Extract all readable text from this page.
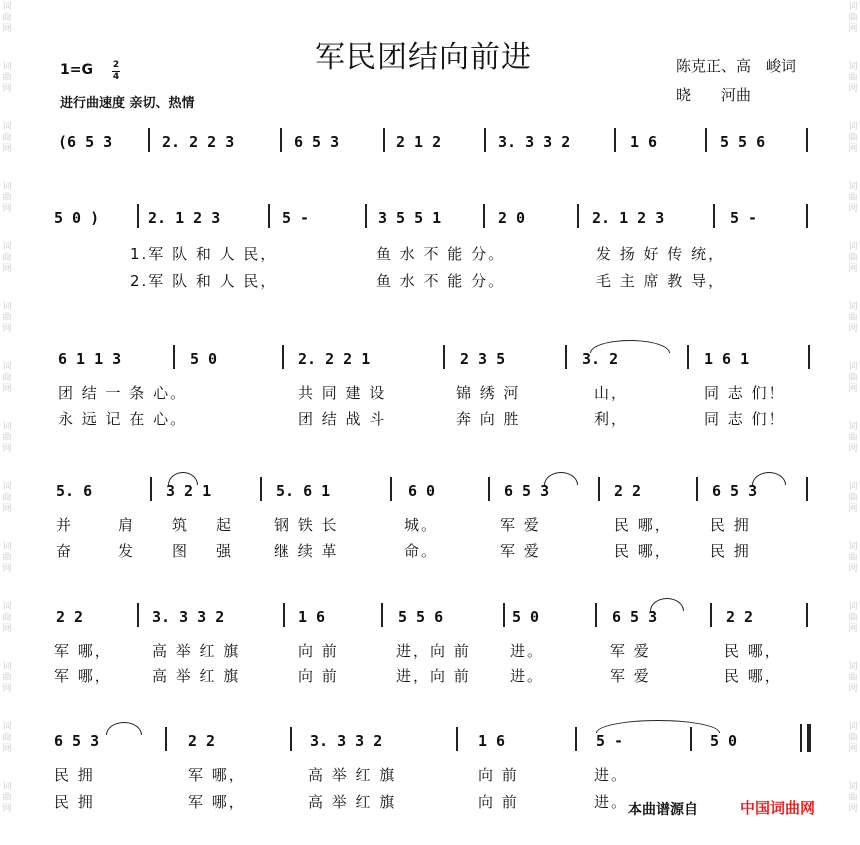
词曲网
词曲网
词曲网
词曲网
词曲网
词曲网
词曲网
词曲网
词曲网
词曲网
词曲网
词曲网
词曲网
词曲网
词曲网
词曲网
词曲网
词曲网
词曲网
词曲网
词曲网
词曲网
词曲网
词曲网
词曲网
词曲网
词曲网
词曲网
军民团结向前进
1=G 2
4
进行曲速度 亲切、热情
陈克正、高　峻词
晓　　河曲
(6 5 3	2. 2 2 3	6 5 3	2 1 2	3. 3 3 2	1 6	5 5 6
5 0 )	2. 1 2 3	5 -	3 5 5 1	2 0	2. 1 2 3	5 -
1.军 队 和 人 民，	鱼 水 不 能 分。	发 扬 好 传 统，
2.军 队 和 人 民，	鱼 水 不 能 分。	毛 主 席 教 导，
6 1 1 3	5 0	2. 2 2 1	2 3 5	3. 2	1 6 1
团 结 一 条 心。	共 同 建 设	锦 绣 河	山，	同 志 们！
永 远 记 在 心。	团 结 战 斗	奔 向 胜	利，	同 志 们！
5. 6	3 2 1	5. 6 1	6 0	6 5 3	2 2	6 5 3
并	肩 筑 起	钢 铁 长	城。	军 爱	民 哪，	民 拥
奋	发 图 强	继 续 革	命。	军 爱	民 哪，	民 拥
2 2	3. 3 3 2	1 6	5 5 6	5 0	6 5 3	2 2
军 哪，	高 举 红 旗	向 前	进，向 前	进。	军 爱	民 哪，
军 哪，	高 举 红 旗	向 前	进，向 前	进。	军 爱	民 哪，
6 5 3	2 2	3. 3 3 2	1 6	5 -	5 0
民 拥	军 哪，	高 举 红 旗	向 前	进。
民 拥	军 哪，	高 举 红 旗	向 前	进。 本曲谱源自	中国词曲网
